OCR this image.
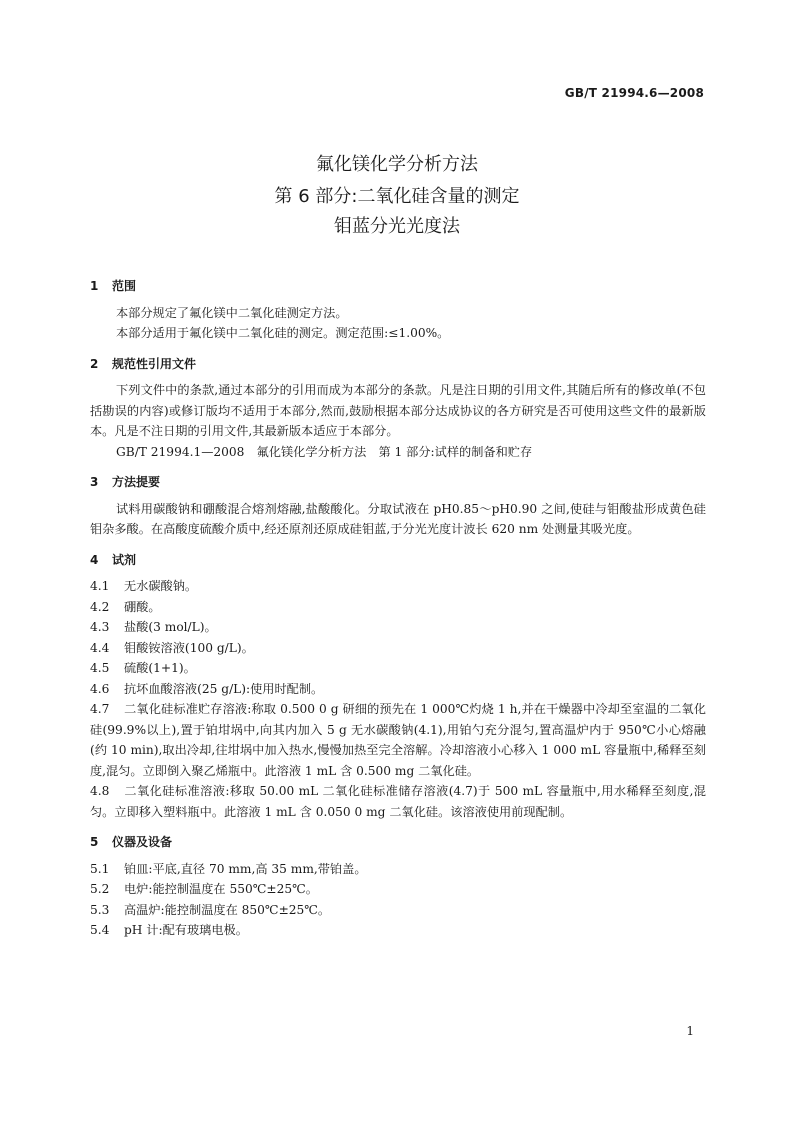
GB/T 21994.6—2008
氟化镁化学分析方法
第 6 部分:二氧化硅含量的测定
钼蓝分光光度法

1 范围

本部分规定了氟化镁中二氧化硅测定方法。

本部分适用于氟化镁中二氧化硅的测定。测定范围:≤1.00%。

2 规范性引用文件

下列文件中的条款,通过本部分的引用而成为本部分的条款。凡是注日期的引用文件,其随后所有的修改单(不包括勘误的内容)或修订版均不适用于本部分,然而,鼓励根据本部分达成协议的各方研究是否可使用这些文件的最新版本。凡是不注日期的引用文件,其最新版本适应于本部分。

GB/T 21994.1—2008　氟化镁化学分析方法　第 1 部分:试样的制备和贮存

3 方法提要

试料用碳酸钠和硼酸混合熔剂熔融,盐酸酸化。分取试液在 pH0.85～pH0.90 之间,使硅与钼酸盐形成黄色硅钼杂多酸。在高酸度硫酸介质中,经还原剂还原成硅钼蓝,于分光光度计波长 620 nm 处测量其吸光度。

4 试剂

4.1 无水碳酸钠。

4.2 硼酸。

4.3 盐酸(3 mol/L)。

4.4 钼酸铵溶液(100 g/L)。

4.5 硫酸(1+1)。

4.6 抗坏血酸溶液(25 g/L):使用时配制。

4.7 二氧化硅标准贮存溶液:称取 0.500 0 g 研细的预先在 1 000℃灼烧 1 h,并在干燥器中冷却至室温的二氧化硅(99.9%以上),置于铂坩埚中,向其内加入 5 g 无水碳酸钠(4.1),用铂勺充分混匀,置高温炉内于 950℃小心熔融(约 10 min),取出冷却,往坩埚中加入热水,慢慢加热至完全溶解。冷却溶液小心移入 1 000 mL 容量瓶中,稀释至刻度,混匀。立即倒入聚乙烯瓶中。此溶液 1 mL 含 0.500 mg 二氧化硅。

4.8 二氧化硅标准溶液:移取 50.00 mL 二氧化硅标准储存溶液(4.7)于 500 mL 容量瓶中,用水稀释至刻度,混匀。立即移入塑料瓶中。此溶液 1 mL 含 0.050 0 mg 二氧化硅。该溶液使用前现配制。

5 仪器及设备

5.1 铂皿:平底,直径 70 mm,高 35 mm,带铂盖。

5.2 电炉:能控制温度在 550℃±25℃。

5.3 高温炉:能控制温度在 850℃±25℃。

5.4 pH 计:配有玻璃电极。

1
